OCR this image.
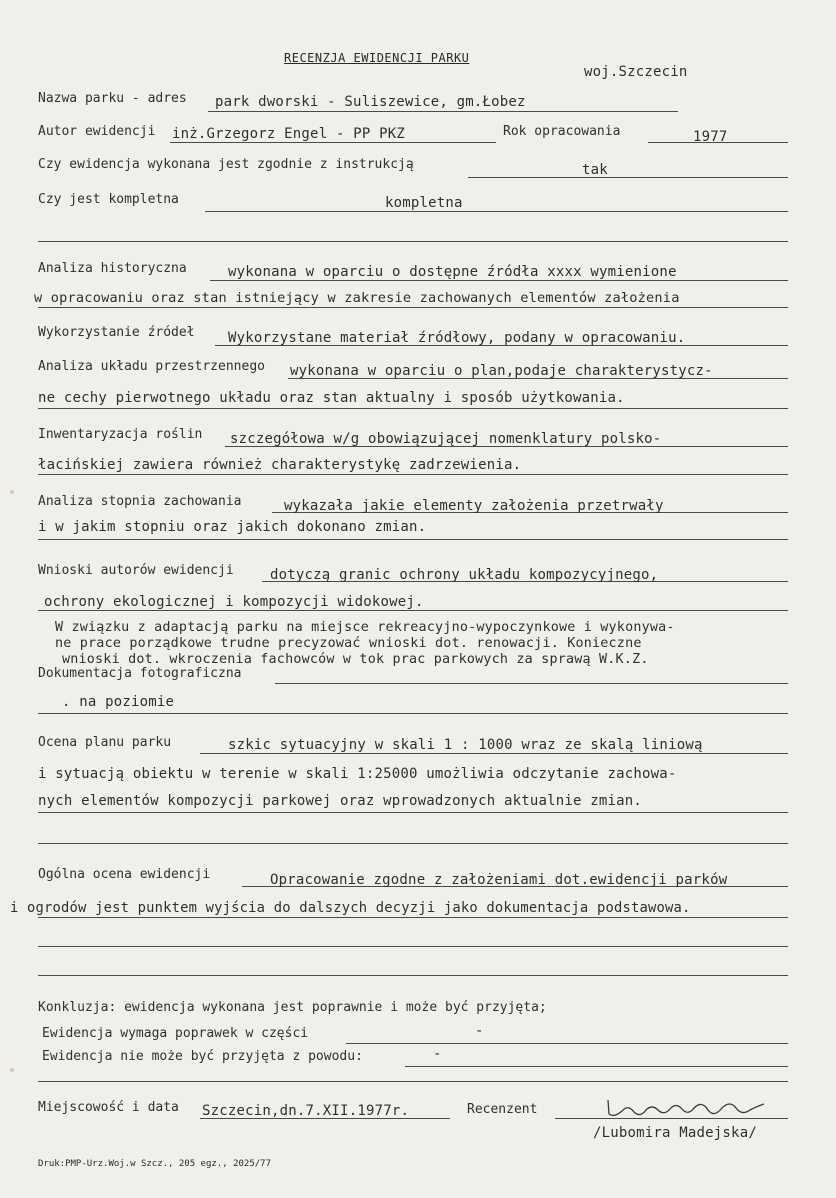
RECENZJA EWIDENCJI PARKU
woj.Szczecin
Nazwa parku - adres park dworski - Suliszewice, gm.Łobez
Autor ewidencji inż.Grzegorz Engel - PP PKZ	Rok opracowania	1977
Czy ewidencja wykonana jest zgodnie z instrukcją	tak
Czy jest kompletna	kompletna
Analiza historyczna	wykonana w oparciu o dostępne źródła xxxx wymienione
w opracowaniu oraz stan istniejący w zakresie zachowanych elementów założenia
Wykorzystanie źródeł Wykorzystane materiał źródłowy, podany w opracowaniu.
Analiza układu przestrzennego wykonana w oparciu o plan,podaje charakterystycz-
ne cechy pierwotnego układu oraz stan aktualny i sposób użytkowania.
Inwentaryzacja roślin szczegółowa w/g obowiązującej nomenklatury polsko-
łacińskiej zawiera również charakterystykę zadrzewienia.
Analiza stopnia zachowania	wykazała jakie elementy założenia przetrwały
i w jakim stopniu oraz jakich dokonano zmian.
Wnioski autorów ewidencji	dotyczą granic ochrony układu kompozycyjnego,
ochrony ekologicznej i kompozycji widokowej.
W związku z adaptacją parku na miejsce rekreacyjno-wypoczynkowe i wykonywa-
ne prace porządkowe trudne precyzować wnioski dot. renowacji. Konieczne
wnioski dot. wkroczenia fachowców w tok prac parkowych za sprawą W.K.Z.
Dokumentacja fotograficzna
. na poziomie
Ocena planu parku	szkic sytuacyjny w skali 1 : 1000 wraz ze skalą liniową
i sytuacją obiektu w terenie w skali 1:25000 umożliwia odczytanie zachowa-
nych elementów kompozycji parkowej oraz wprowadzonych aktualnie zmian.
Ogólna ocena ewidencji	Opracowanie zgodne z założeniami dot.ewidencji parków
i ogrodów jest punktem wyjścia do dalszych decyzji jako dokumentacja podstawowa.
Konkluzja: ewidencja wykonana jest poprawnie i może być przyjęta;
Ewidencja wymaga poprawek w części	-
Ewidencja nie może być przyjęta z powodu:	-
Miejscowość i data Szczecin,dn.7.XII.1977r.	Recenzent
/Lubomira Madejska/
Druk:PMP-Urz.Woj.w Szcz., 205 egz., 2025/77
